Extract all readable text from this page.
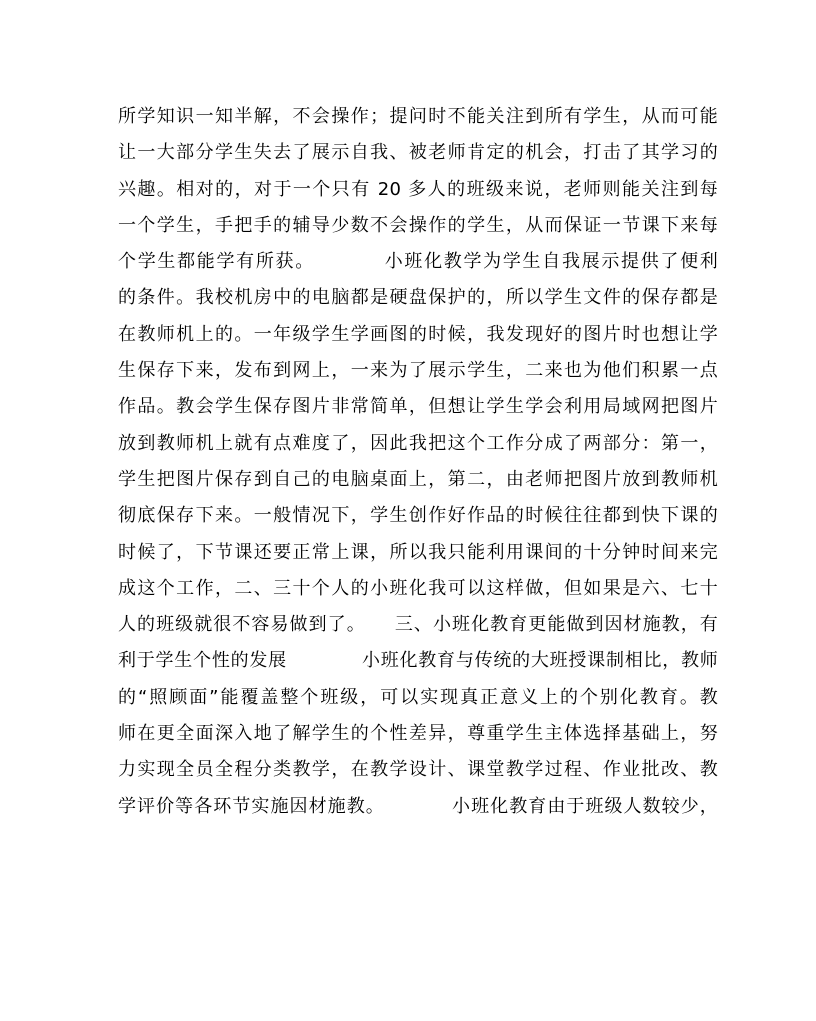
所学知识一知半解，不会操作；提问时不能关注到所有学生，从而可能
让一大部分学生失去了展示自我、被老师肯定的机会，打击了其学习的
兴趣。相对的，对于一个只有 20 多人的班级来说，老师则能关注到每
一个学生，手把手的辅导少数不会操作的学生，从而保证一节课下来每
个学生都能学有所获。　　　　小班化教学为学生自我展示提供了便利
的条件。我校机房中的电脑都是硬盘保护的，所以学生文件的保存都是
在教师机上的。一年级学生学画图的时候，我发现好的图片时也想让学
生保存下来，发布到网上，一来为了展示学生，二来也为他们积累一点
作品。教会学生保存图片非常简单，但想让学生学会利用局域网把图片
放到教师机上就有点难度了，因此我把这个工作分成了两部分：第一，
学生把图片保存到自己的电脑桌面上，第二，由老师把图片放到教师机
彻底保存下来。一般情况下，学生创作好作品的时候往往都到快下课的
时候了，下节课还要正常上课，所以我只能利用课间的十分钟时间来完
成这个工作，二、三十个人的小班化我可以这样做，但如果是六、七十
人的班级就很不容易做到了。　　三、小班化教育更能做到因材施教，有
利于学生个性的发展　　　　小班化教育与传统的大班授课制相比，教师
的“照顾面”能覆盖整个班级，可以实现真正意义上的个别化教育。教
师在更全面深入地了解学生的个性差异，尊重学生主体选择基础上，努
力实现全员全程分类教学，在教学设计、课堂教学过程、作业批改、教
学评价等各环节实施因材施教。　　　　小班化教育由于班级人数较少，
